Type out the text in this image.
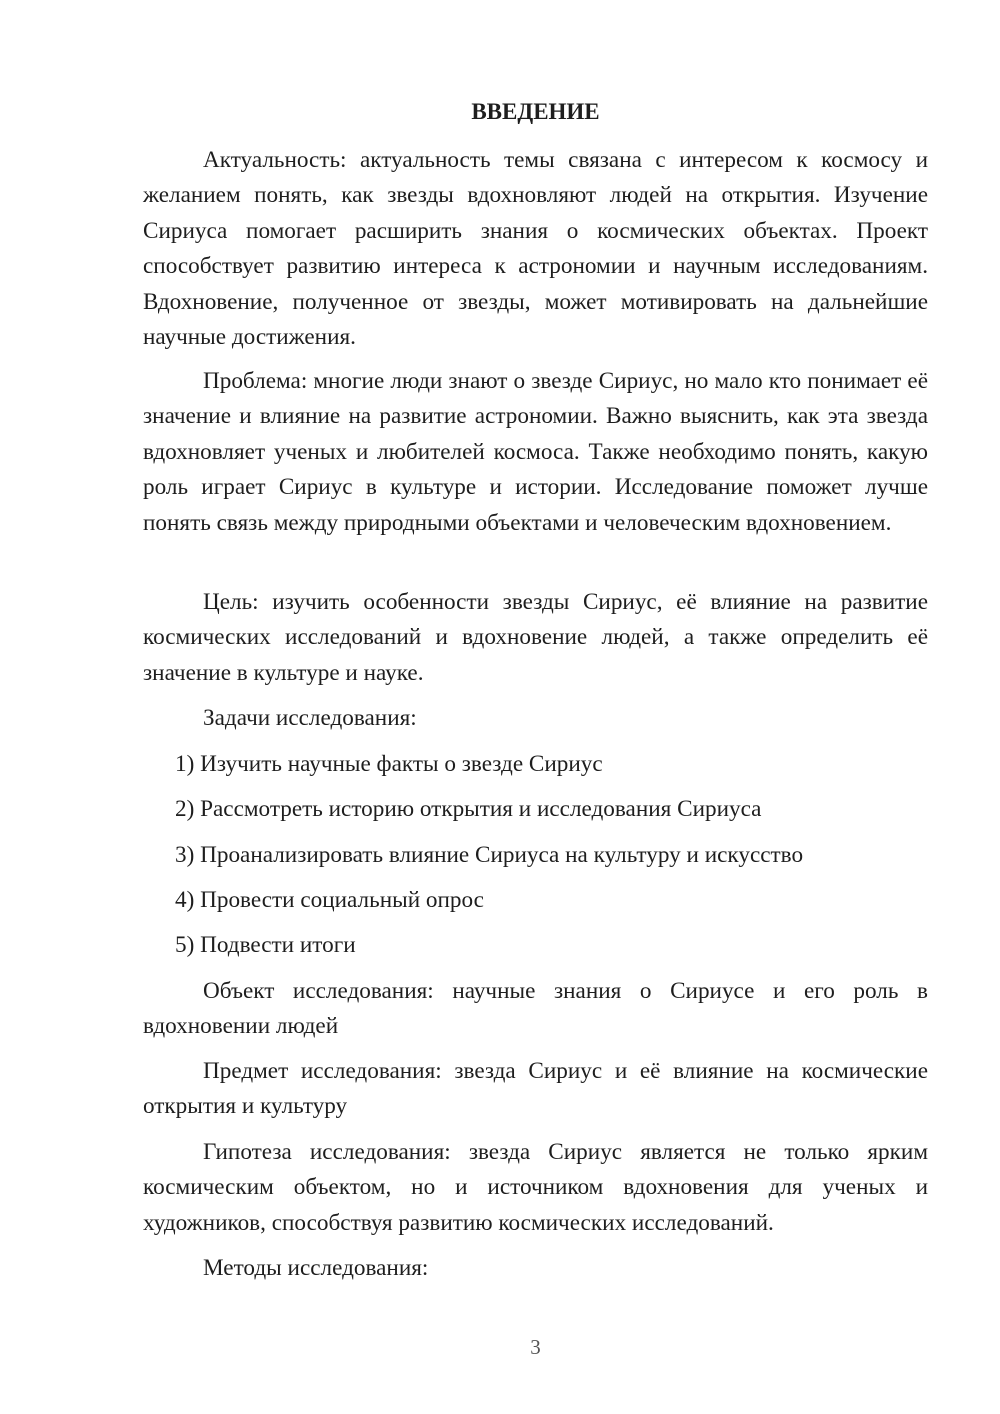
ВВЕДЕНИЕ

Актуальность: актуальность темы связана с интересом к космосу и желанием понять, как звезды вдохновляют людей на открытия. Изучение Сириуса помогает расширить знания о космических объектах. Проект способствует развитию интереса к астрономии и научным исследованиям. Вдохновение, полученное от звезды, может мотивировать на дальнейшие научные достижения.

Проблема: многие люди знают о звезде Сириус, но мало кто понимает её значение и влияние на развитие астрономии. Важно выяснить, как эта звезда вдохновляет ученых и любителей космоса. Также необходимо понять, какую роль играет Сириус в культуре и истории. Исследование поможет лучше понять связь между природными объектами и человеческим вдохновением.

Цель: изучить особенности звезды Сириус, её влияние на развитие космических исследований и вдохновение людей, а также определить её значение в культуре и науке.

Задачи исследования:

1) Изучить научные факты о звезде Сириус

2) Рассмотреть историю открытия и исследования Сириуса

3) Проанализировать влияние Сириуса на культуру и искусство

4) Провести социальный опрос

5) Подвести итоги

Объект исследования: научные знания о Сириусе и его роль в вдохновении людей

Предмет исследования: звезда Сириус и её влияние на космические открытия и культуру

Гипотеза исследования: звезда Сириус является не только ярким космическим объектом, но и источником вдохновения для ученых и художников, способствуя развитию космических исследований.

Методы исследования:

3
